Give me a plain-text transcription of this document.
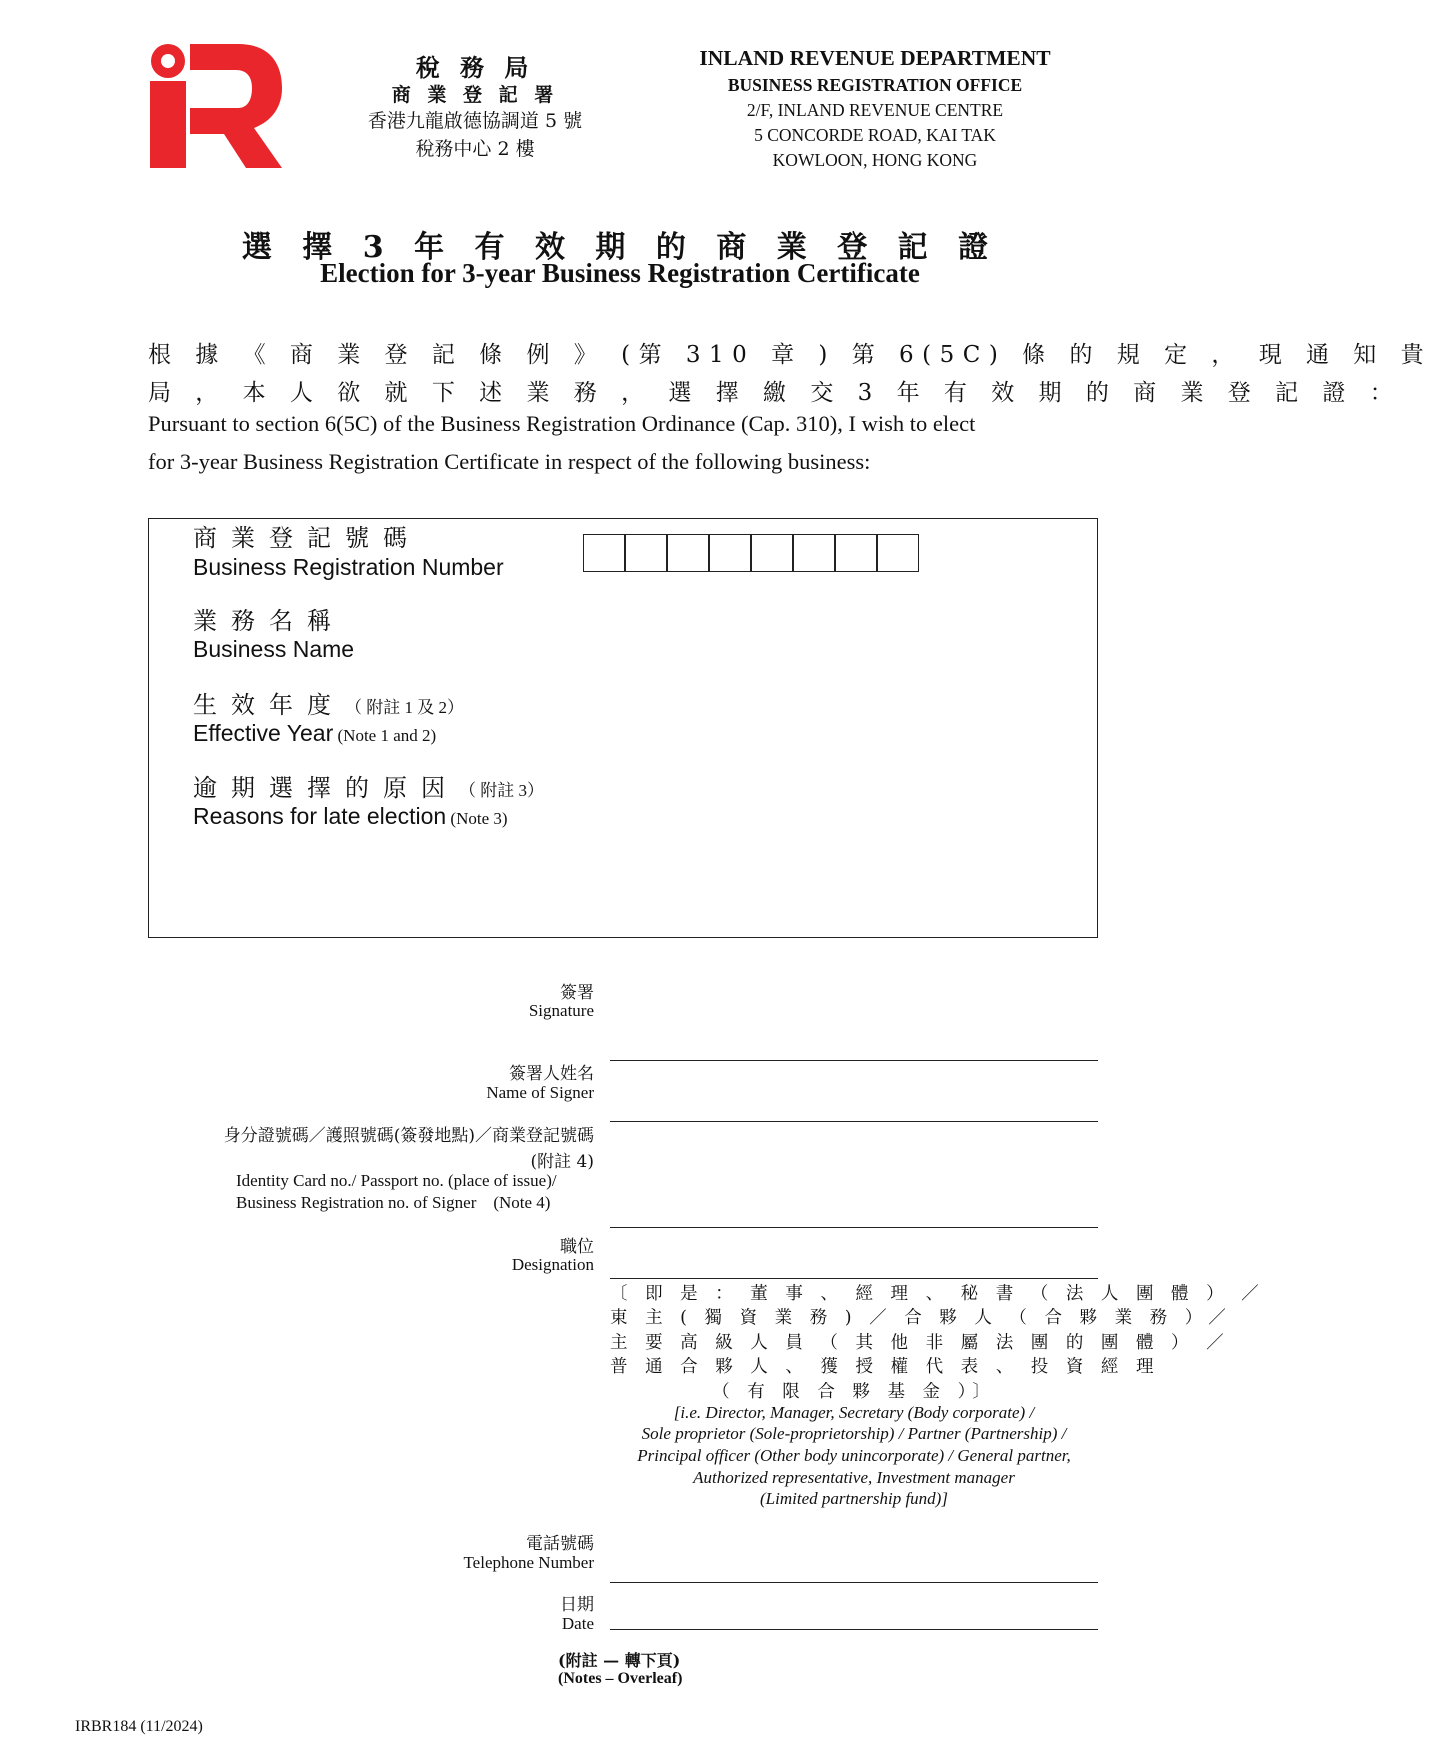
稅 務 局
商 業 登 記 署
香港九龍啟德協調道 5 號
稅務中心 2 樓
INLAND REVENUE DEPARTMENT
BUSINESS REGISTRATION OFFICE
2/F, INLAND REVENUE CENTRE
5 CONCORDE ROAD, KAI TAK
KOWLOON, HONG KONG
選 擇 3 年 有 效 期 的 商 業 登 記 證
Election for 3-year Business Registration Certificate
根 據 《 商 業 登 記 條 例 》 (第 310 章 ) 第 6(5C) 條 的 規 定 ， 現 通 知 貴
局 ， 本 人 欲 就 下 述 業 務 ， 選 擇 繳 交 3 年 有 效 期 的 商 業 登 記 證 ：
Pursuant to section 6(5C) of the Business Registration Ordinance (Cap. 310), I wish to elect
for 3-year Business Registration Certificate in respect of the following business:
商業登記號碼
Business Registration Number
業務名稱
Business Name
生效年度（ 附註 1 及 2）
Effective Year (Note 1 and 2)
逾期選擇的原因（ 附註 3）
Reasons for late election (Note 3)
簽署
Signature
簽署人姓名
Name of Signer
身分證號碼／護照號碼(簽發地點)／商業登記號碼
(附註 4)
Identity Card no./ Passport no. (place of issue)/
Business Registration no. of Signer    (Note 4)
職位
Designation
〔 即 是 ： 董 事 、 經 理 、 秘 書 （ 法 人 團 體 ） ／
東 主 ( 獨 資 業 務 ) ／ 合 夥 人 （ 合 夥 業 務 ）／
主 要 高 級 人 員 （ 其 他 非 屬 法 團 的 團 體 ） ／
普 通 合 夥 人 、 獲 授 權 代 表 、 投 資 經 理
（ 有 限 合 夥 基 金 ）〕
[i.e. Director, Manager, Secretary (Body corporate) /
Sole proprietor (Sole-proprietorship) / Partner (Partnership) /
Principal officer (Other body unincorporate) / General partner,
Authorized representative, Investment manager
(Limited partnership fund)]
電話號碼
Telephone Number
日期
Date
(附註 — 轉下頁)
(Notes – Overleaf)
IRBR184 (11/2024)
